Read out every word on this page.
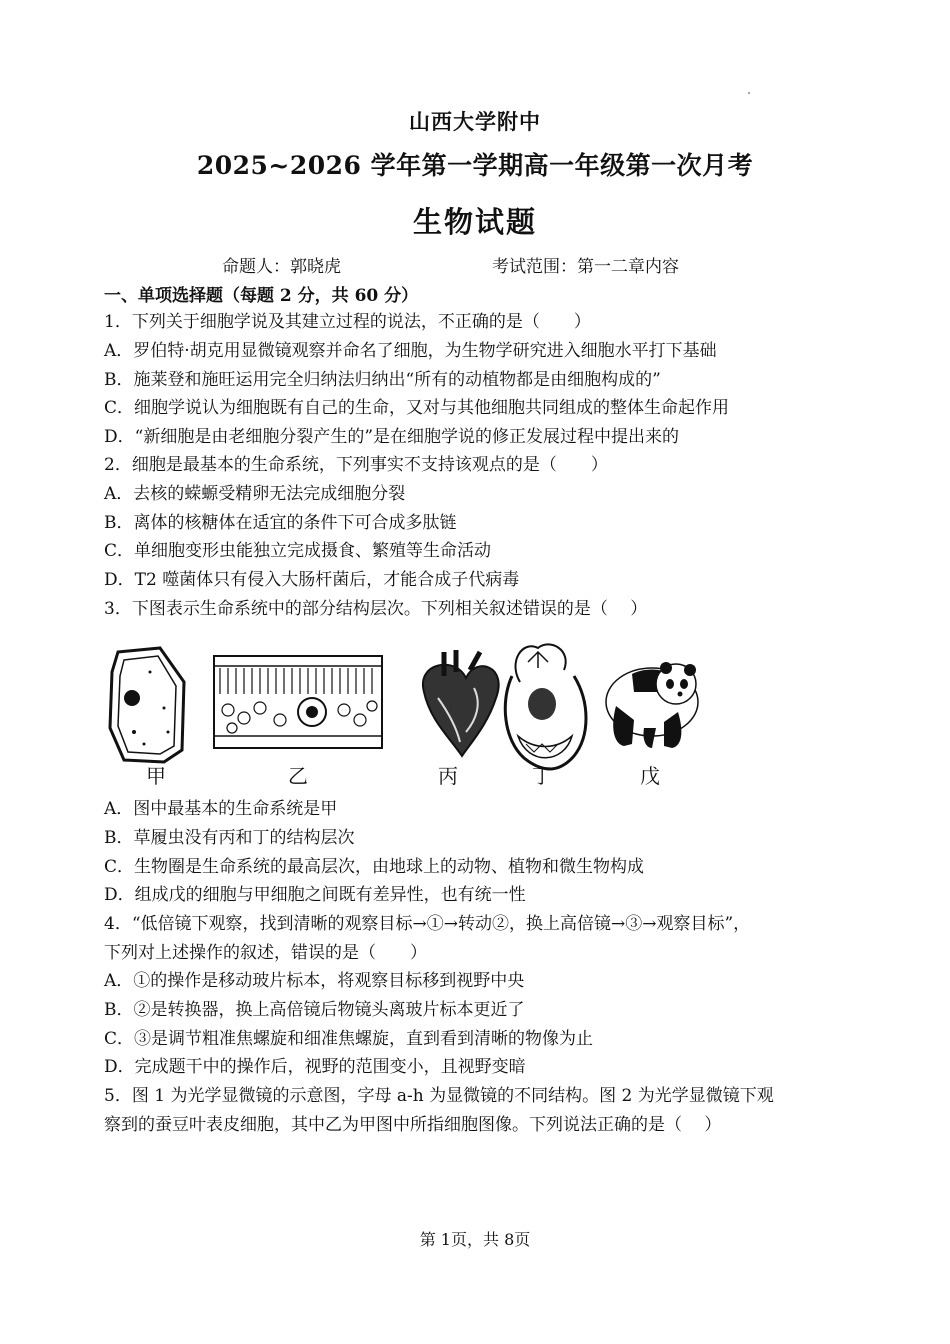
山西大学附中
2025~2026 学年第一学期高一年级第一次月考
生物试题
命题人：郭晓虎	考试范围：第一二章内容
一、单项选择题（每题 2 分，共 60 分）
1．下列关于细胞学说及其建立过程的说法，不正确的是（　　）
A．罗伯特·胡克用显微镜观察并命名了细胞，为生物学研究进入细胞水平打下基础
B．施莱登和施旺运用完全归纳法归纳出“所有的动植物都是由细胞构成的”
C．细胞学说认为细胞既有自己的生命，又对与其他细胞共同组成的整体生命起作用
D．“新细胞是由老细胞分裂产生的”是在细胞学说的修正发展过程中提出来的
2．细胞是最基本的生命系统，下列事实不支持该观点的是（　　）
A．去核的蝾螈受精卵无法完成细胞分裂
B．离体的核糖体在适宜的条件下可合成多肽链
C．单细胞变形虫能独立完成摄食、繁殖等生命活动
D．T2 噬菌体只有侵入大肠杆菌后，才能合成子代病毒
3．下图表示生命系统中的部分结构层次。下列相关叙述错误的是（　 ）
甲	乙	丙	丁	戊
A．图中最基本的生命系统是甲
B．草履虫没有丙和丁的结构层次
C．生物圈是生命系统的最高层次，由地球上的动物、植物和微生物构成
D．组成戊的细胞与甲细胞之间既有差异性，也有统一性
4．“低倍镜下观察，找到清晰的观察目标→①→转动②，换上高倍镜→③→观察目标”，
下列对上述操作的叙述，错误的是（　　）
A．①的操作是移动玻片标本，将观察目标移到视野中央
B．②是转换器，换上高倍镜后物镜头离玻片标本更近了
C．③是调节粗准焦螺旋和细准焦螺旋，直到看到清晰的物像为止
D．完成题干中的操作后，视野的范围变小，且视野变暗
5．图 1 为光学显微镜的示意图，字母 a-h 为显微镜的不同结构。图 2 为光学显微镜下观
察到的蚕豆叶表皮细胞，其中乙为甲图中所指细胞图像。下列说法正确的是（　 ）
第 1页，共 8页
